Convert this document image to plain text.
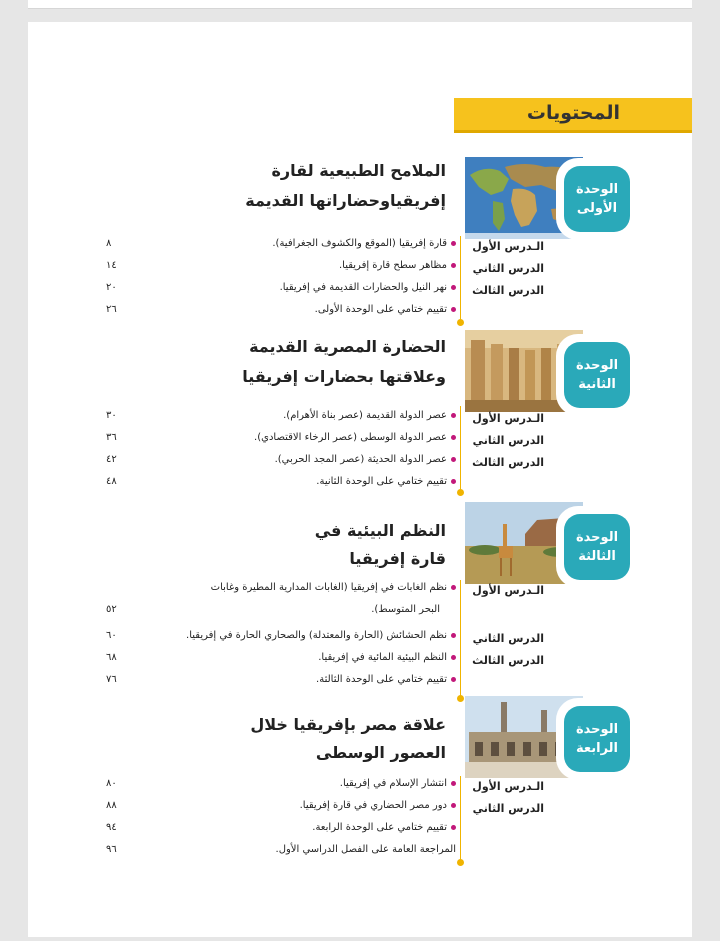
المحتويات
الوحدة
الأولى
الملامح الطبيعية لقارة
إفريقياوحضاراتها القديمة
الـدرس الأول
الدرس الثاني
الدرس الثالث
قارة إفريقيا (الموقع والكشوف الجغرافية).
٨
مظاهر سطح قارة إفريقيا.
١٤
نهر النيل والحضارات القديمة في إفريقيا.
٢٠
تقييم ختامي على الوحدة الأولى.
٢٦
الوحدة
الثانية
الحضارة المصرية القديمة
وعلاقتها بحضارات إفريقيا
الـدرس الأول
الدرس الثاني
الدرس الثالث
عصر الدولة القديمة (عصر بناة الأهرام).
٣٠
عصر الدولة الوسطى (عصر الرخاء الاقتصادي).
٣٦
عصر الدولة الحديثة (عصر المجد الحربي).
٤٢
تقييم ختامي على الوحدة الثانية.
٤٨
الوحدة
الثالثة
النظم البيئية في
قارة إفريقيا
الـدرس الأول
الدرس الثاني
الدرس الثالث
نظم الغابات في إفريقيا (الغابات المدارية المطيرة وغابات
البحر المتوسط).
٥٢
نظم الحشائش (الحارة والمعتدلة) والصحاري الحارة في إفريقيا.
٦٠
النظم البيئية المائية في إفريقيا.
٦٨
تقييم ختامي على الوحدة الثالثة.
٧٦
الوحدة
الرابعة
علاقة مصر بإفريقيا خلال
العصور الوسطى
الـدرس الأول
الدرس الثاني
انتشار الإسلام في إفريقيا.
٨٠
دور مصر الحضاري في قارة إفريقيا.
٨٨
تقييم ختامي على الوحدة الرابعة.
٩٤
المراجعة العامة على الفصل الدراسي الأول.
٩٦
